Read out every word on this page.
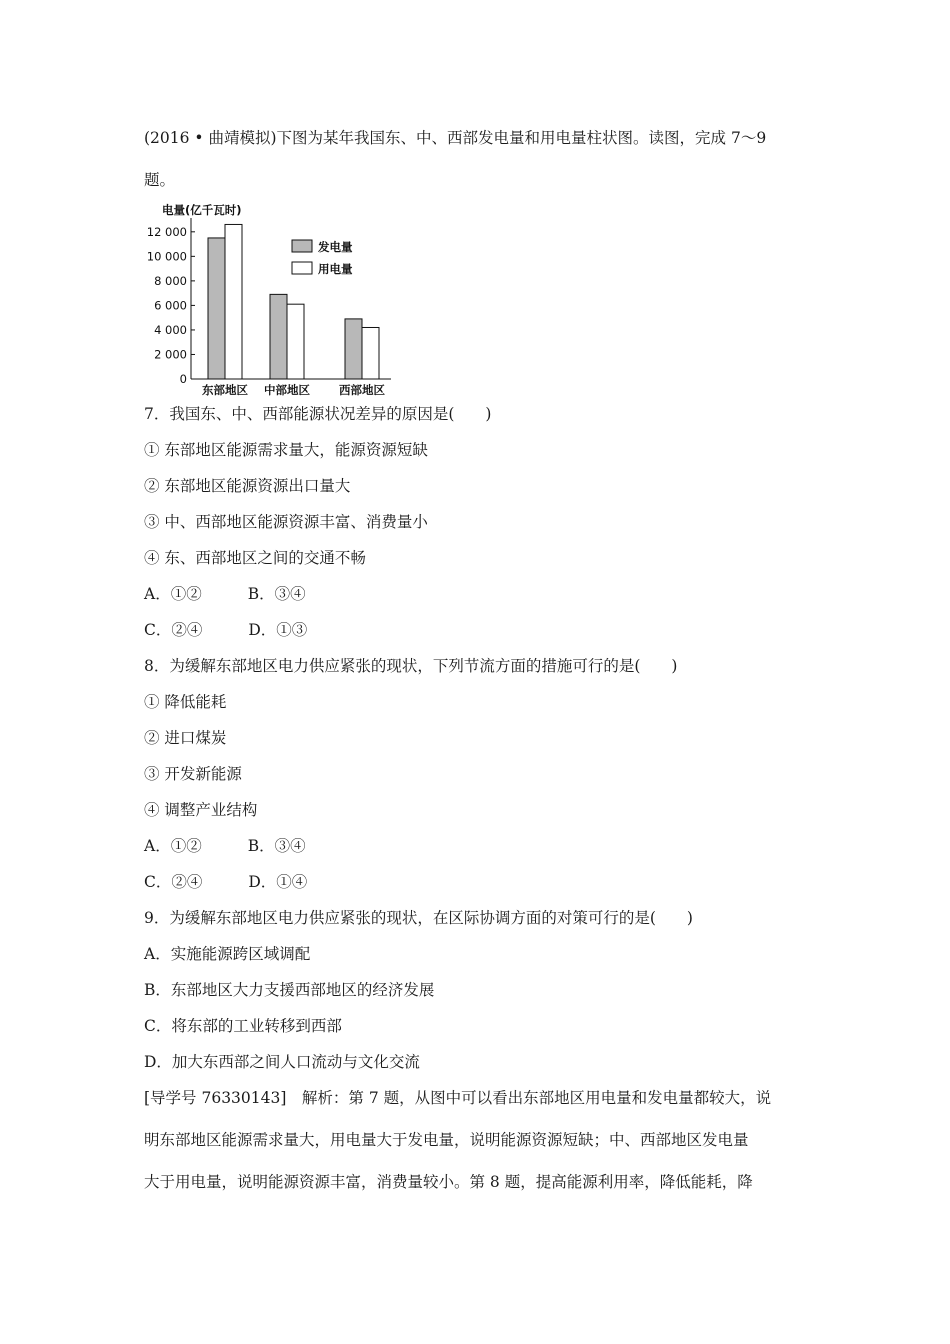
(2016 • 曲靖模拟)下图为某年我国东、中、西部发电量和用电量柱状图。读图，完成 7～9
题。
电量(亿千瓦时)
12 000
10 000
8 000
6 000
4 000
2 000
0
东部地区 中部地区	西部地区
发电量
用电量
7．我国东、中、西部能源状况差异的原因是(　　)
① 东部地区能源需求量大，能源资源短缺
② 东部地区能源资源出口量大
③ 中、西部地区能源资源丰富、消费量小
④ 东、西部地区之间的交通不畅
A．①②	B．③④
C．②④	D．①③
8．为缓解东部地区电力供应紧张的现状，下列节流方面的措施可行的是(　　)
① 降低能耗
② 进口煤炭
③ 开发新能源
④ 调整产业结构
A．①②	B．③④
C．②④	D．①④
9．为缓解东部地区电力供应紧张的现状，在区际协调方面的对策可行的是(　　)
A．实施能源跨区域调配
B．东部地区大力支援西部地区的经济发展
C．将东部的工业转移到西部
D．加大东西部之间人口流动与文化交流
[导学号 76330143]　解析：第 7 题，从图中可以看出东部地区用电量和发电量都较大，说
明东部地区能源需求量大，用电量大于发电量，说明能源资源短缺；中、西部地区发电量
大于用电量，说明能源资源丰富，消费量较小。第 8 题，提高能源利用率，降低能耗，降
